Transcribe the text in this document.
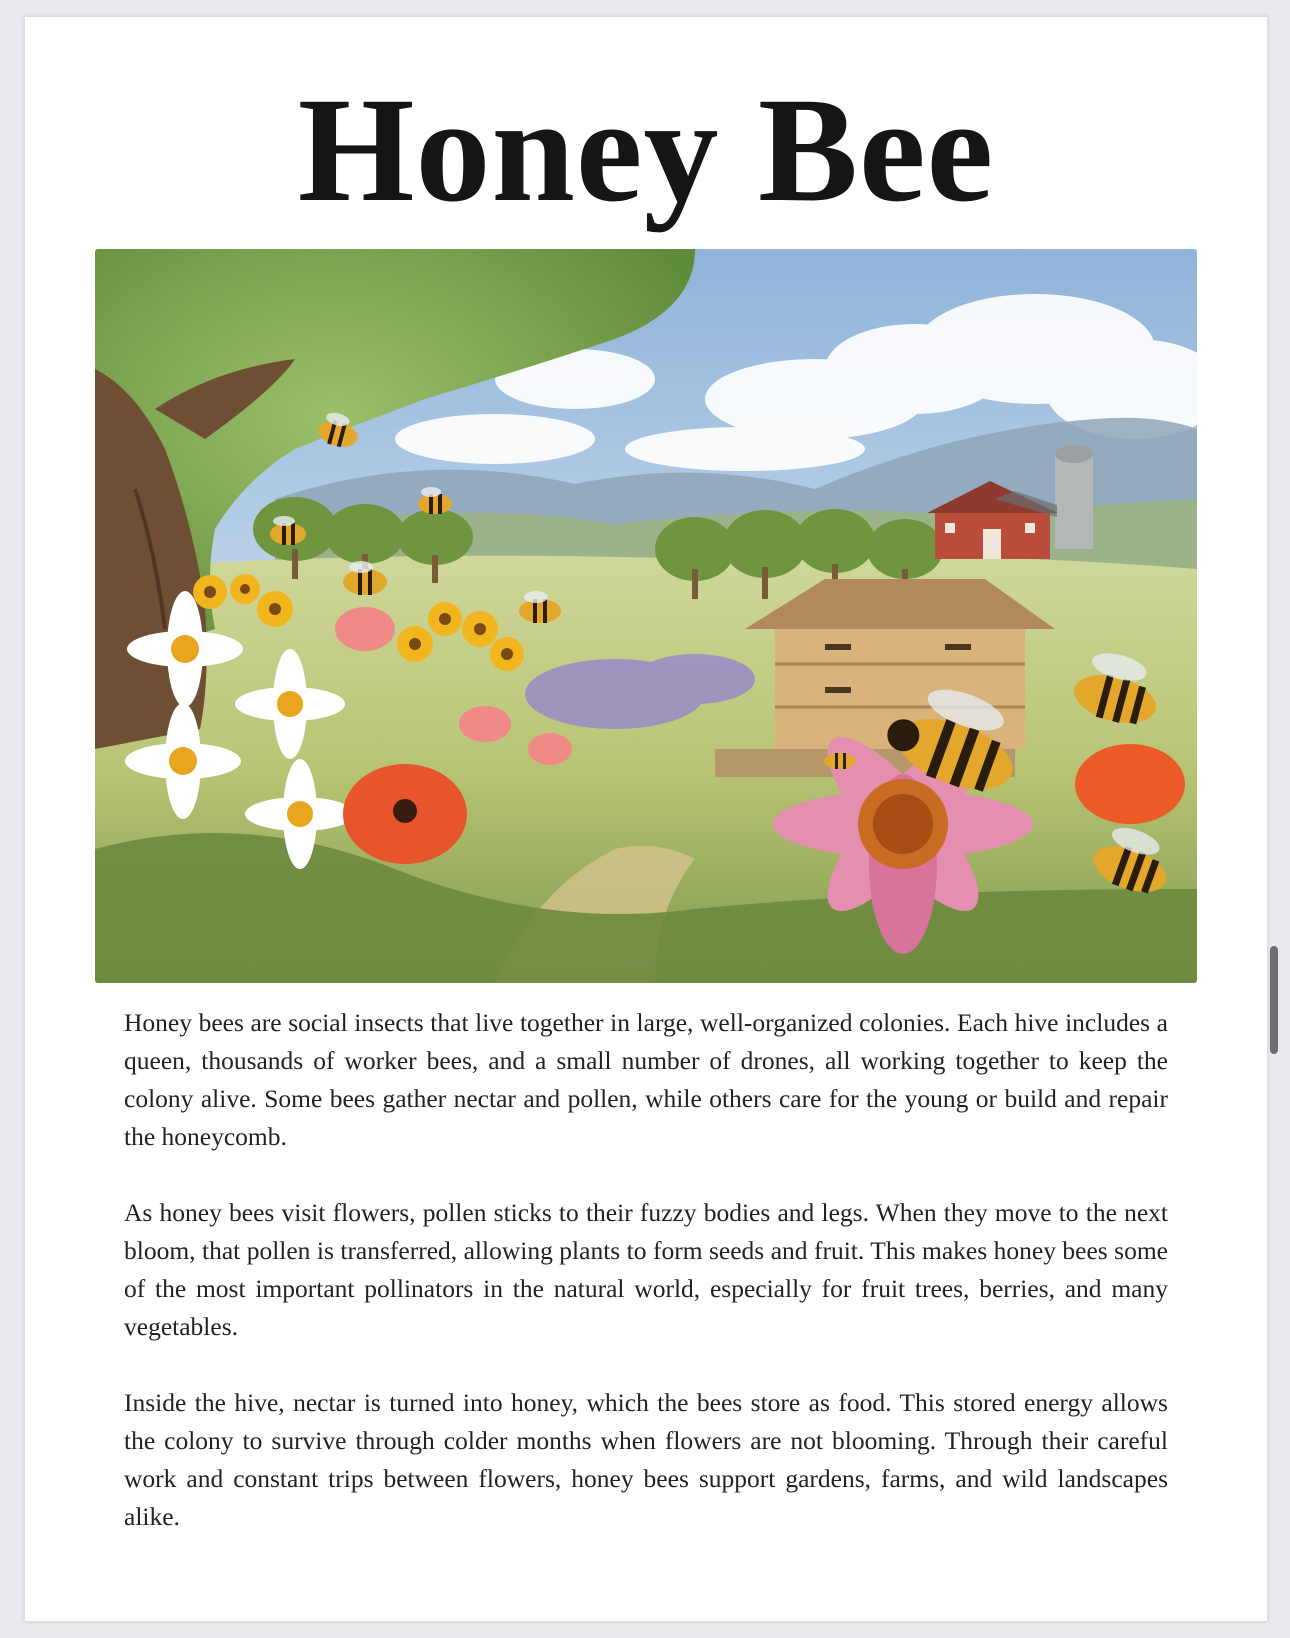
Honey Bee

Honey bees are social insects that live together in large, well-organized colonies. Each hive includes a queen, thousands of worker bees, and a small number of drones, all working together to keep the colony alive. Some bees gather nectar and pollen, while others care for the young or build and repair the honeycomb.

As honey bees visit flowers, pollen sticks to their fuzzy bodies and legs. When they move to the next bloom, that pollen is transferred, allowing plants to form seeds and fruit. This makes honey bees some of the most important pollinators in the natural world, especially for fruit trees, berries, and many vegetables.

Inside the hive, nectar is turned into honey, which the bees store as food. This stored energy allows the colony to survive through colder months when flowers are not blooming. Through their careful work and constant trips between flowers, honey bees support gardens, farms, and wild landscapes alike.
